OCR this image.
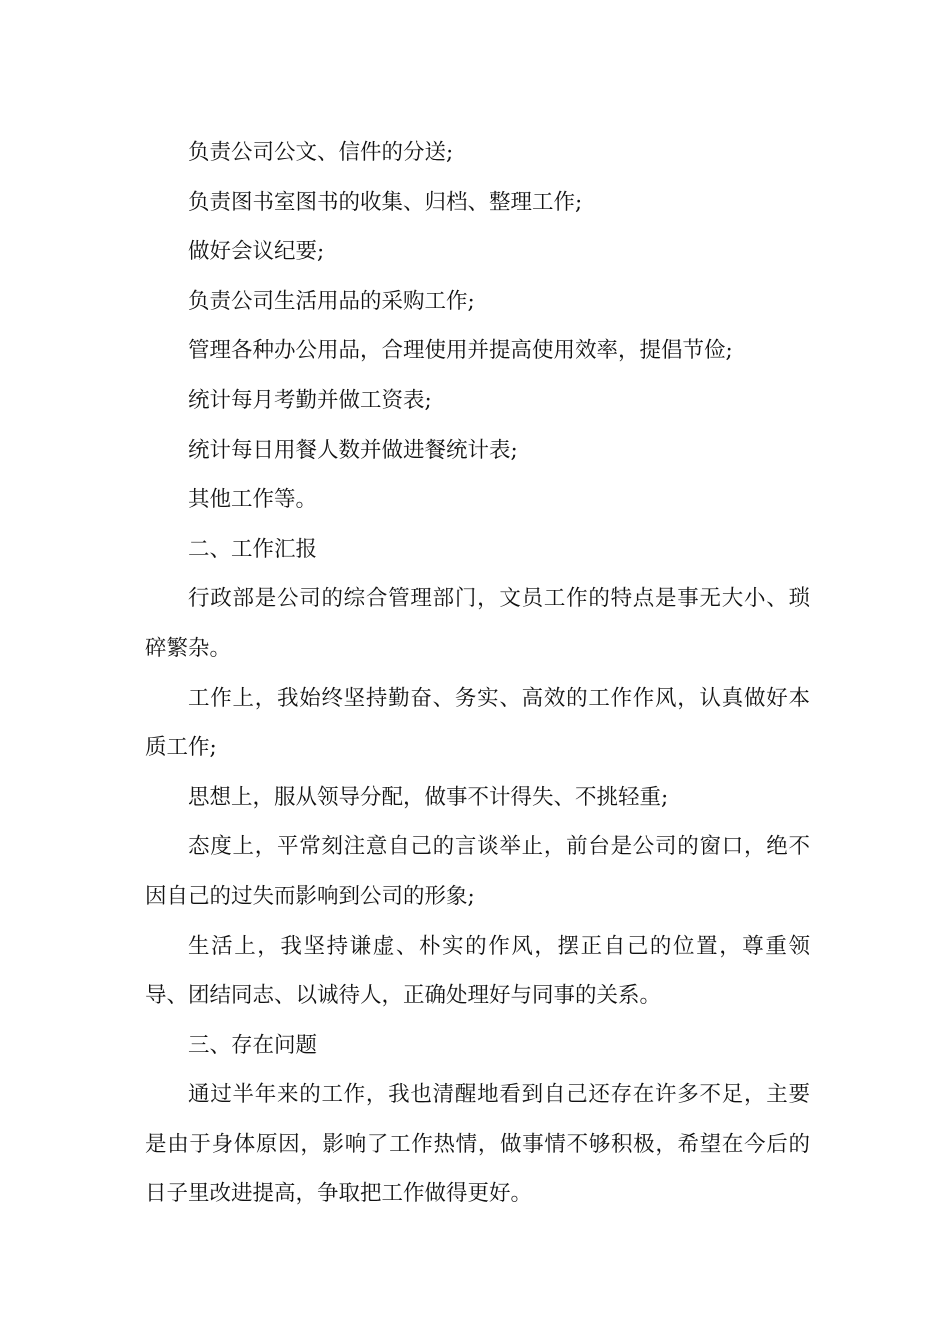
负责公司公文、信件的分送;

负责图书室图书的收集、归档、整理工作;

做好会议纪要;

负责公司生活用品的采购工作;

管理各种办公用品，合理使用并提高使用效率，提倡节俭;

统计每月考勤并做工资表;

统计每日用餐人数并做进餐统计表;

其他工作等。

二、工作汇报

行政部是公司的综合管理部门，文员工作的特点是事无大小、琐碎繁杂。

工作上，我始终坚持勤奋、务实、高效的工作作风，认真做好本质工作;

思想上，服从领导分配，做事不计得失、不挑轻重;

态度上，平常刻注意自己的言谈举止，前台是公司的窗口，绝不因自己的过失而影响到公司的形象;

生活上，我坚持谦虚、朴实的作风，摆正自己的位置，尊重领导、团结同志、以诚待人，正确处理好与同事的关系。

三、存在问题

通过半年来的工作，我也清醒地看到自己还存在许多不足，主要是由于身体原因，影响了工作热情，做事情不够积极，希望在今后的日子里改进提高，争取把工作做得更好。
